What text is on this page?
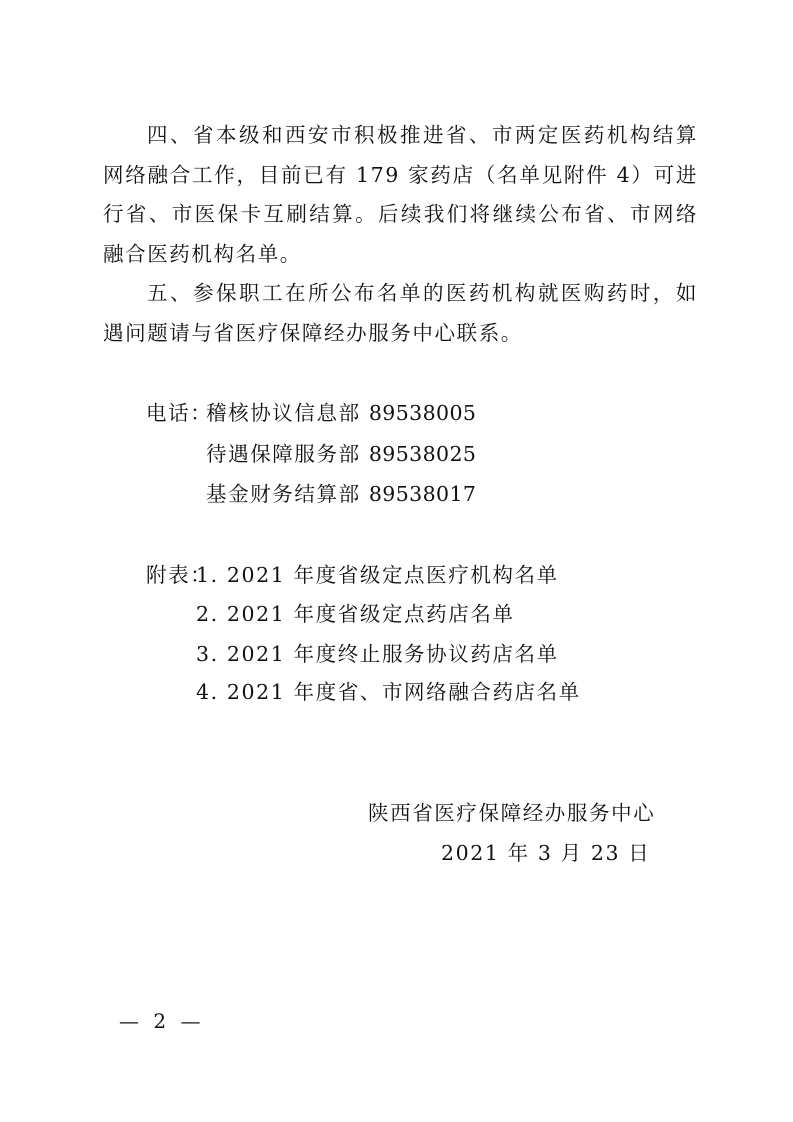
四、省本级和西安市积极推进省、市两定医药机构结算网络融合工作，目前已有 179 家药店（名单见附件 4）可进行省、市医保卡互刷结算。后续我们将继续公布省、市网络融合医药机构名单。

五、参保职工在所公布名单的医药机构就医购药时，如遇问题请与省医疗保障经办服务中心联系。

电话：
稽核协议信息部 89538005
待遇保障服务部 89538025
基金财务结算部 89538017
附表：
1. 2021 年度省级定点医疗机构名单
2. 2021 年度省级定点药店名单
3. 2021 年度终止服务协议药店名单
4. 2021 年度省、市网络融合药店名单
陕西省医疗保障经办服务中心
2021 年 3 月 23 日
— 2 —
